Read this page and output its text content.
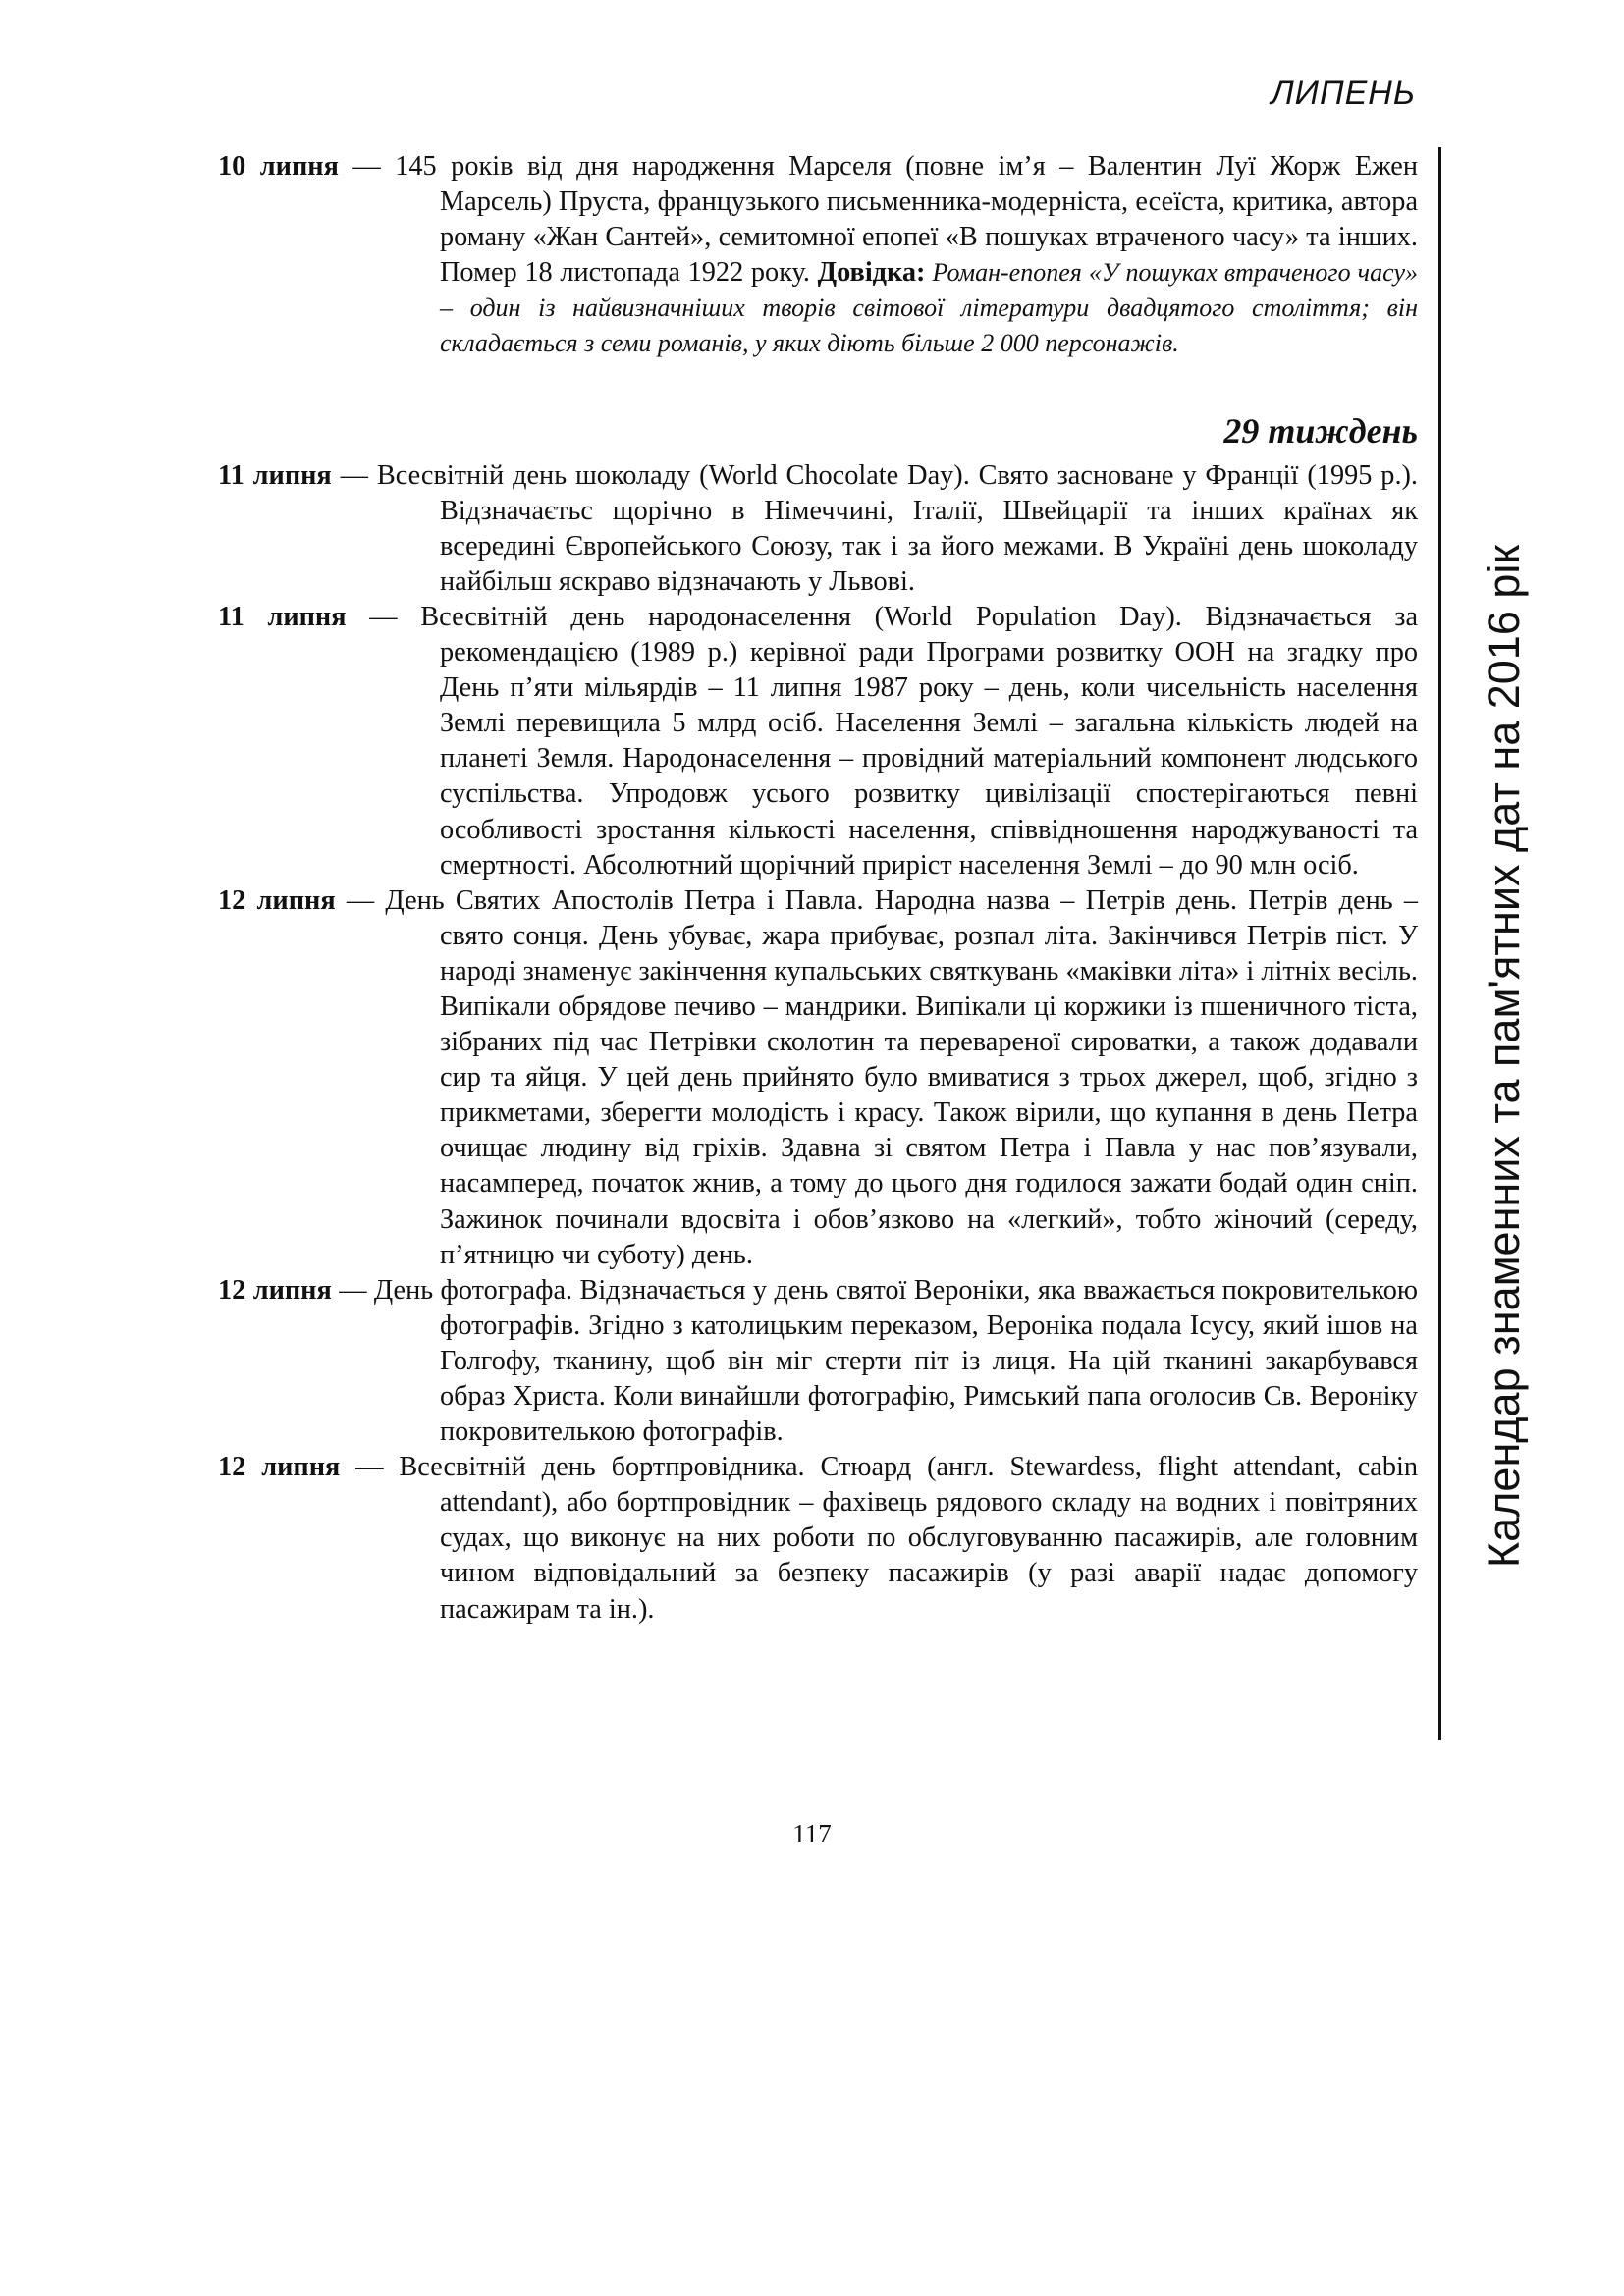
ЛИПЕНЬ
Календар знаменних та пам'ятних дат на 2016 рік

10 липня — 145 років від дня народження Марселя (повне ім’я – Валентин Луї Жорж Ежен Марсель) Пруста, французького письменника-модерніста, есеїста, критика, автора роману «Жан Сантей», семитомної епопеї «В пошуках втраченого часу» та інших. Помер 18 листопада 1922 року. Довідка: Роман-епопея «У пошуках втраченого часу» – один із найвизначніших творів світової літератури двадцятого століття; він складається з семи романів, у яких діють більше 2 000 персонажів.

29 тиждень

11 липня — Всесвітній день шоколаду (World Chocolate Day). Свято засноване у Франції (1995 р.). Відзначаєтьс щорічно в Німеччині, Італії, Швейцарії та інших країнах як всередині Європейського Союзу, так і за його межами. В Україні день шоколаду найбільш яскраво відзначають у Львові.

11 липня — Всесвітній день народонаселення (World Population Day). Відзначається за рекомендацією (1989 р.) керівної ради Програми розвитку ООН на згадку про День п’яти мільярдів – 11 липня 1987 року – день, коли чисельність населення Землі перевищила 5 млрд осіб. Населення Землі – загальна кількість людей на планеті Земля. Народонаселення – провідний матеріальний компонент людського суспільства. Упродовж усього розвитку цивілізації спостерігаються певні особливості зростання кількості населення, співвідношення народжуваності та смертності. Абсолютний щорічний приріст населення Землі – до 90 млн осіб.

12 липня — День Святих Апостолів Петра і Павла. Народна назва – Петрів день. Петрів день – свято сонця. День убуває, жара прибуває, розпал літа. Закінчився Петрів піст. У народі знаменує закінчення купальських святкувань «маківки літа» і літніх весіль. Випікали обрядове печиво – мандрики. Випікали ці коржики із пшеничного тіста, зібраних під час Петрівки сколотин та переваренoї сироватки, а також додавали сир та яйця. У цей день прийнято було вмиватися з трьох джерел, щоб, згідно з прикметами, зберегти молодість і красу. Також вірили, що купання в день Петра очищає людину від гріхів. Здавна зі святом Петра і Павла у нас пов’язували, насамперед, початок жнив, а тому до цього дня годилося зажати бодай один сніп. Зажинок починали вдосвіта і обов’язково на «легкий», тобто жіночий (середу, п’ятницю чи суботу) день.

12 липня — День фотографа. Відзначається у день святої Вероніки, яка вважається покровителькою фотографів. Згідно з католицьким переказом, Вероніка подала Ісусу, який ішов на Голгофу, тканину, щоб він міг стерти піт із лиця. На цій тканині закарбувався образ Христа. Коли винайшли фотографію, Римський папа оголосив Св. Вероніку покровителькою фотографів.

12 липня — Всесвітній день бортпровідника. Стюард (англ. Stewardess, flight attendant, cabin attendant), або бортпровідник – фахівець рядового складу на водних і повітряних судах, що виконує на них роботи по обслуговуванню пасажирів, але головним чином відповідальний за безпеку пасажирів (у разі аварії надає допомогу пасажирам та ін.).

117
